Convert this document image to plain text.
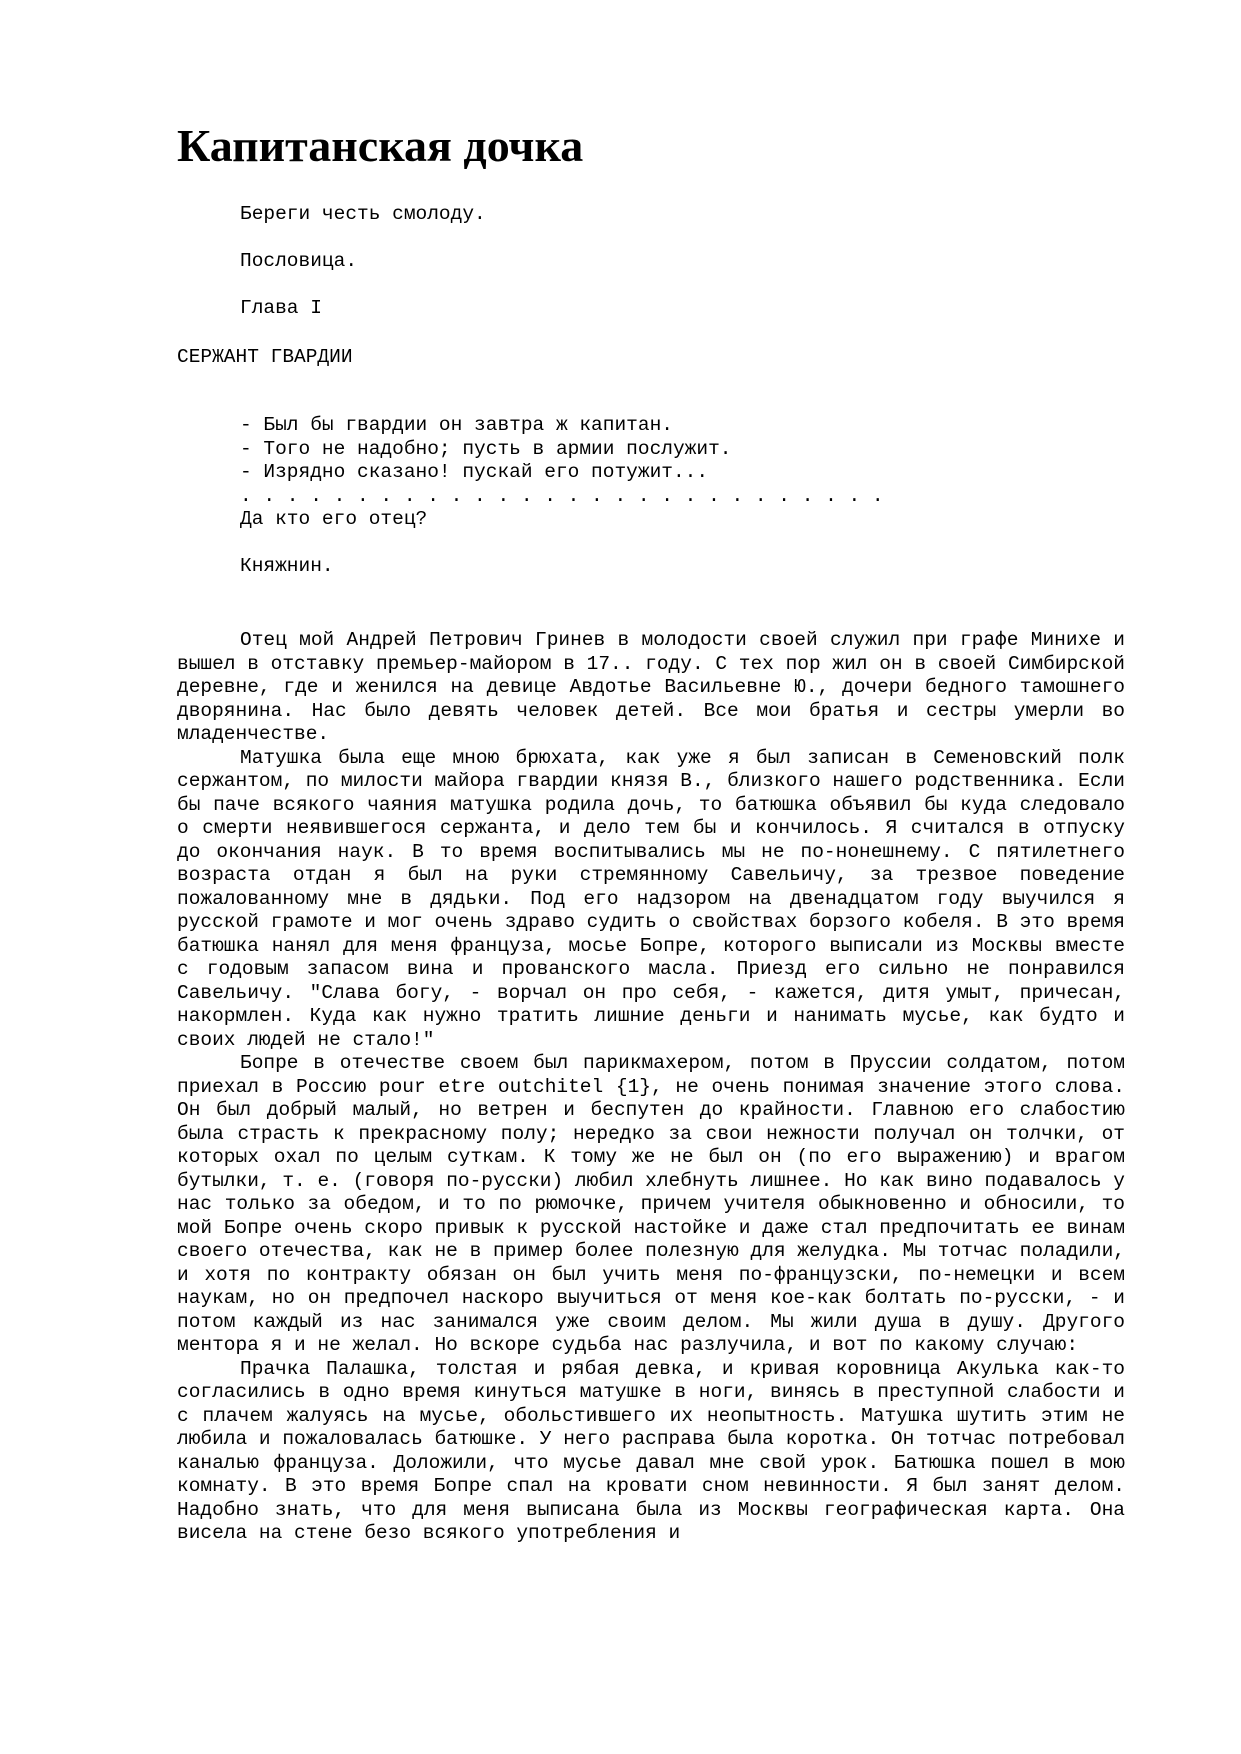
Капитанская дочка

Береги честь смолоду.

Пословица.

Глава I

СЕРЖАНТ ГВАРДИИ

- Был бы гвардии он завтра ж капитан.

- Того не надобно; пусть в армии послужит.

- Изрядно сказано! пускай его потужит...

. . . . . . . . . . . . . . . . . . . . . . . . . . . .

Да кто его отец?

Княжнин.

Отец мой Андрей Петрович Гринев в молодости своей служил при графе Минихе и вышел в отставку премьер-майором в 17.. году. С тех пор жил он в своей Симбирской деревне, где и женился на девице Авдотье Васильевне Ю., дочери бедного тамошнего дворянина. Нас было девять человек детей. Все мои братья и сестры умерли во младенчестве.

Матушка была еще мною брюхата, как уже я был записан в Семеновский полк сержантом, по милости майора гвардии князя В., близкого нашего родственника. Если бы паче всякого чаяния матушка родила дочь, то батюшка объявил бы куда следовало о смерти неявившегося сержанта, и дело тем бы и кончилось. Я считался в отпуску до окончания наук. В то время воспитывались мы не по-нонешнему. С пятилетнего возраста отдан я был на руки стремянному Савельичу, за трезвое поведение пожалованному мне в дядьки. Под его надзором на двенадцатом году выучился я русской грамоте и мог очень здраво судить о свойствах борзого кобеля. В это время батюшка нанял для меня француза, мосье Бопре, которого выписали из Москвы вместе с годовым запасом вина и прованского масла. Приезд его сильно не понравился Савельичу. "Слава богу, - ворчал он про себя, - кажется, дитя умыт, причесан, накормлен. Куда как нужно тратить лишние деньги и нанимать мусье, как будто и своих людей не стало!"

Бопре в отечестве своем был парикмахером, потом в Пруссии солдатом, потом приехал в Россию pour etre outchitel {1}, не очень понимая значение этого слова. Он был добрый малый, но ветрен и беспутен до крайности. Главною его слабостию была страсть к прекрасному полу; нередко за свои нежности получал он толчки, от которых охал по целым суткам. К тому же не был он (по его выражению) и врагом бутылки, т. е. (говоря по-русски) любил хлебнуть лишнее. Но как вино подавалось у нас только за обедом, и то по рюмочке, причем учителя обыкновенно и обносили, то мой Бопре очень скоро привык к русской настойке и даже стал предпочитать ее винам своего отечества, как не в пример более полезную для желудка. Мы тотчас поладили, и хотя по контракту обязан он был учить меня по-французски, по-немецки и всем наукам, но он предпочел наскоро выучиться от меня кое-как болтать по-русски, - и потом каждый из нас занимался уже своим делом. Мы жили душа в душу. Другого ментора я и не желал. Но вскоре судьба нас разлучила, и вот по какому случаю:

Прачка Палашка, толстая и рябая девка, и кривая коровница Акулька как-то согласились в одно время кинуться матушке в ноги, винясь в преступной слабости и с плачем жалуясь на мусье, обольстившего их неопытность. Матушка шутить этим не любила и пожаловалась батюшке. У него расправа была коротка. Он тотчас потребовал каналью француза. Доложили, что мусье давал мне свой урок. Батюшка пошел в мою комнату. В это время Бопре спал на кровати сном невинности. Я был занят делом. Надобно знать, что для меня выписана была из Москвы географическая карта. Она висела на стене безо всякого употребления и
